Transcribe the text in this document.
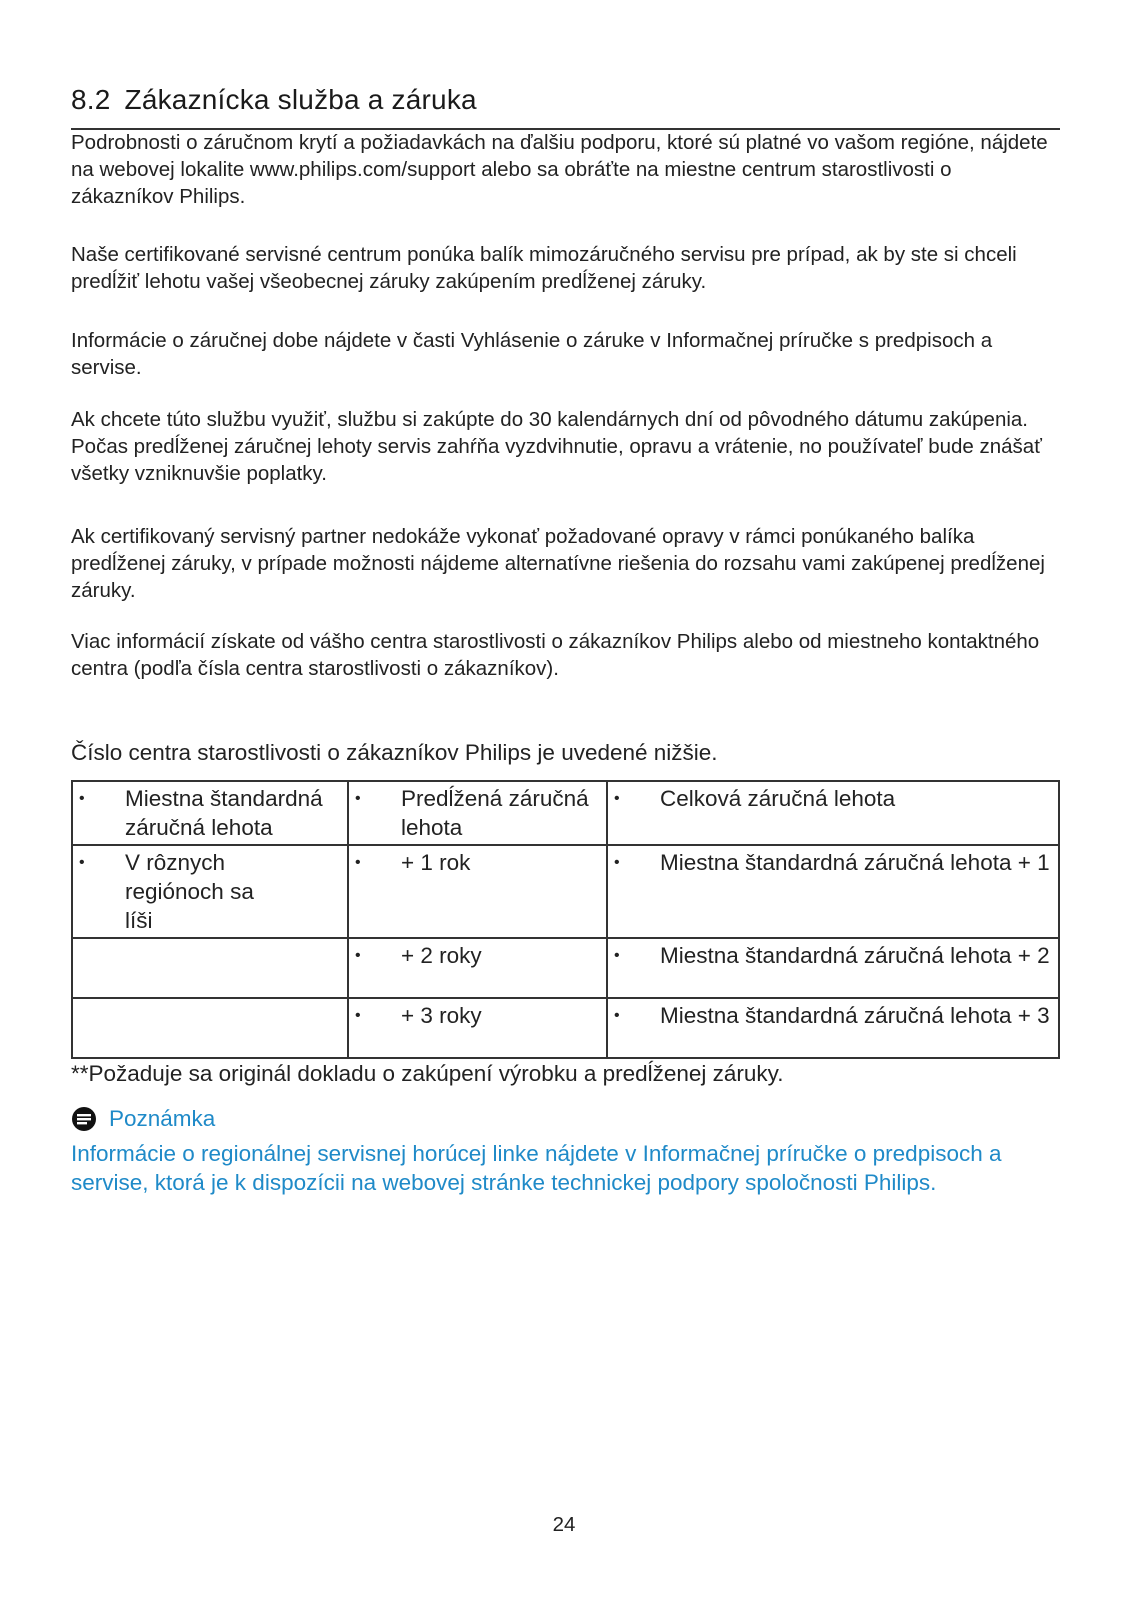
8.2 Zákaznícka služba a záruka
Podrobnosti o záručnom krytí a požiadavkách na ďalšiu podporu, ktoré sú platné vo vašom regióne, nájdete na webovej lokalite www.philips.com/support alebo sa obráťte na miestne centrum starostlivosti o zákazníkov Philips.
Naše certifikované servisné centrum ponúka balík mimozáručného servisu pre prípad, ak by ste si chceli predĺžiť lehotu vašej všeobecnej záruky zakúpením predĺženej záruky.
Informácie o záručnej dobe nájdete v časti Vyhlásenie o záruke v Informačnej príručke s predpisoch a servise.
Ak chcete túto službu využiť, službu si zakúpte do 30 kalendárnych dní od pôvodného dátumu zakúpenia. Počas predĺženej záručnej lehoty servis zahŕňa vyzdvihnutie, opravu a vrátenie, no používateľ bude znášať všetky vzniknuvšie poplatky.
Ak certifikovaný servisný partner nedokáže vykonať požadované opravy v rámci ponúkaného balíka predĺženej záruky, v prípade možnosti nájdeme alternatívne riešenia do rozsahu vami zakúpenej predĺženej záruky.
Viac informácií získate od vášho centra starostlivosti o zákazníkov Philips alebo od miestneho kontaktného centra (podľa čísla centra starostlivosti o zákazníkov).
Číslo centra starostlivosti o zákazníkov Philips je uvedené nižšie.
• Miestna štandardná záručná lehota	• Predĺžená záručná lehota	• Celková záručná lehota

• V rôznych regiónoch sa líši	• + 1 rok	• Miestna štandardná záručná lehota + 1

	• + 2 roky	• Miestna štandardná záručná lehota + 2

	• + 3 roky	• Miestna štandardná záručná lehota + 3
**Požaduje sa originál dokladu o zakúpení výrobku a predĺženej záruky.
Poznámka
Informácie o regionálnej servisnej horúcej linke nájdete v Informačnej príručke o predpisoch a servise, ktorá je k dispozícii na webovej stránke technickej podpory spoločnosti Philips.
24
